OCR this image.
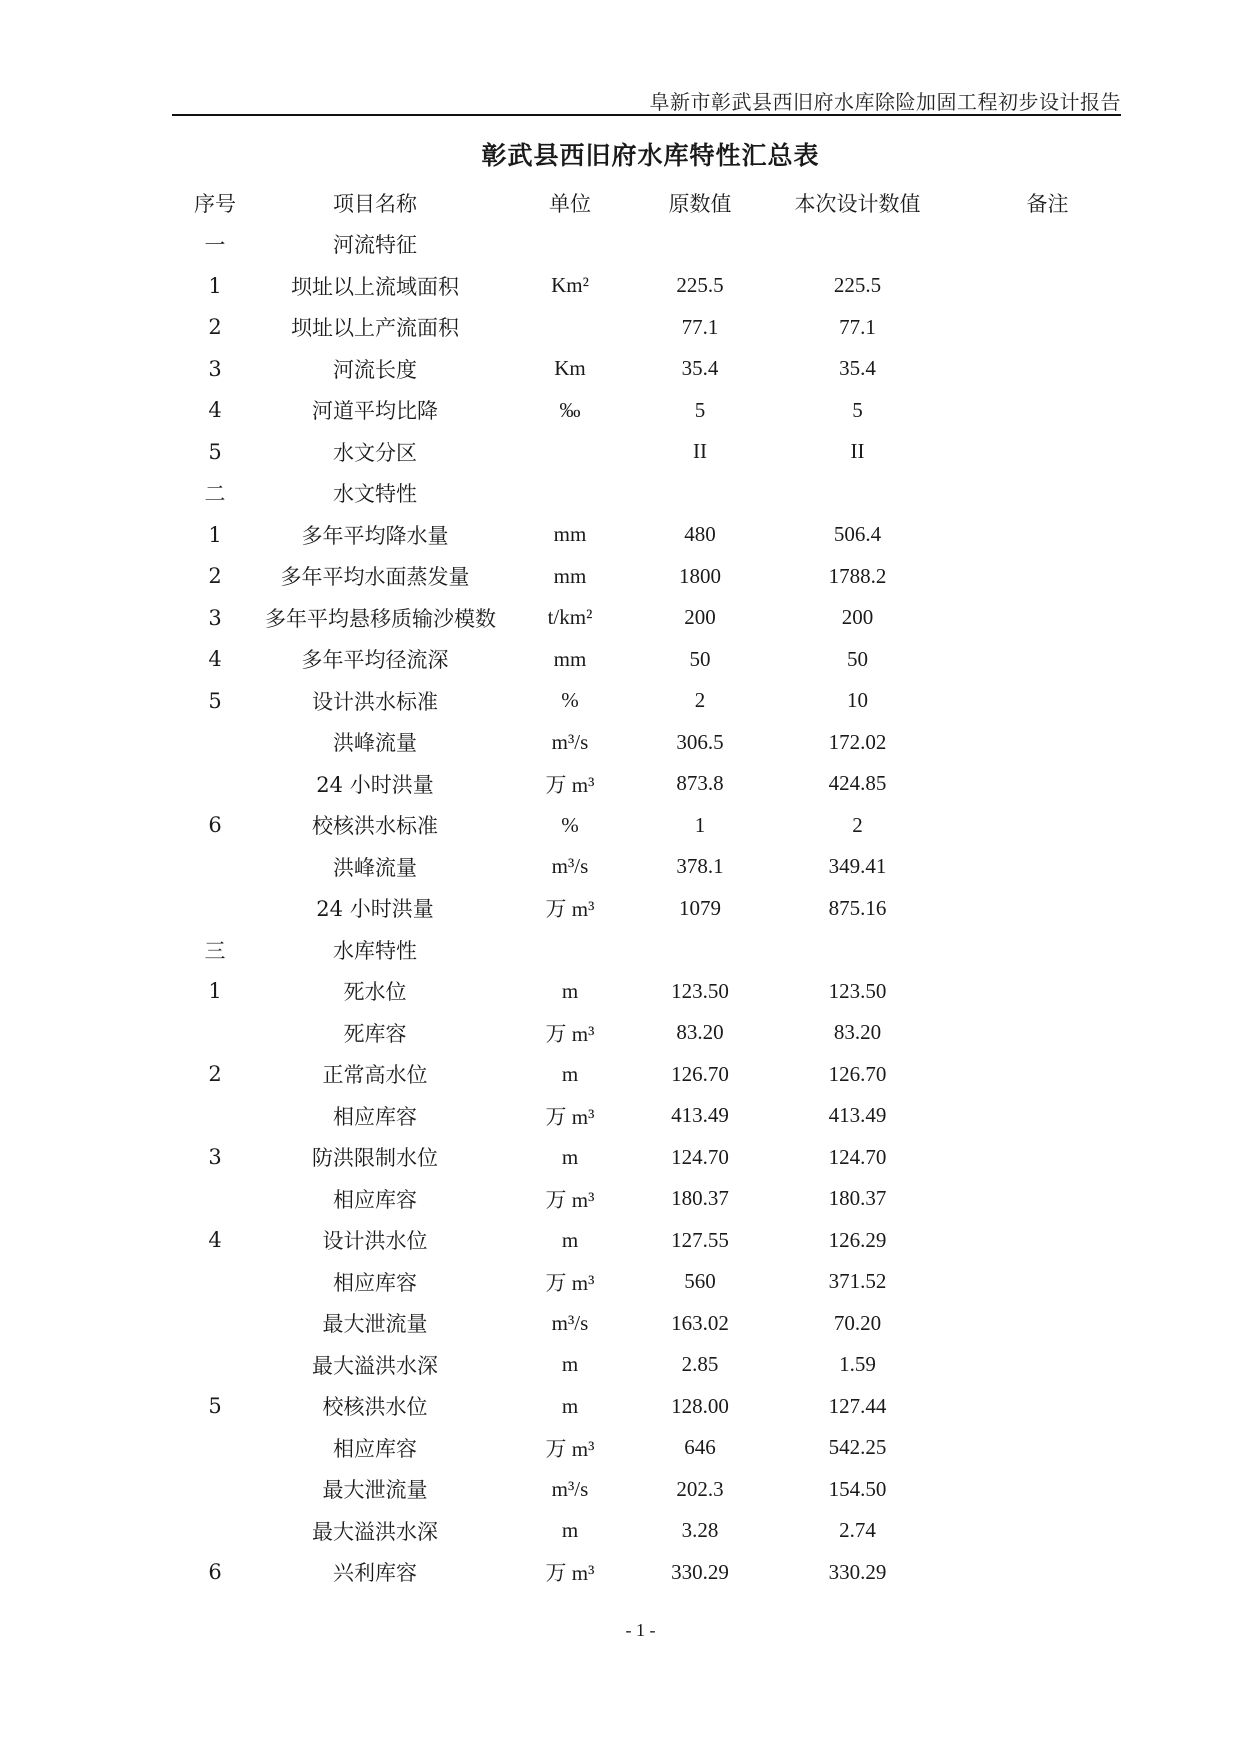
阜新市彰武县西旧府水库除险加固工程初步设计报告
彰武县西旧府水库特性汇总表
序号	项目名称	单位	原数值	本次设计数值	备注
一	河流特征				
1	坝址以上流域面积	Km²	225.5	225.5	
2	坝址以上产流面积		77.1	77.1	
3	河流长度	Km	35.4	35.4	
4	河道平均比降	‰	5	5	
5	水文分区		II	II	
二	水文特性				
1	多年平均降水量	mm	480	506.4	
2	多年平均水面蒸发量	mm	1800	1788.2	
3	多年平均悬移质输沙模数	t/km²	200	200	
4	多年平均径流深	mm	50	50	
5	设计洪水标准	%	2	10	
	洪峰流量	m³/s	306.5	172.02	
	24 小时洪量	万 m³	873.8	424.85	
6	校核洪水标准	%	1	2	
	洪峰流量	m³/s	378.1	349.41	
	24 小时洪量	万 m³	1079	875.16	
三	水库特性				
1	死水位	m	123.50	123.50	
	死库容	万 m³	83.20	83.20	
2	正常高水位	m	126.70	126.70	
	相应库容	万 m³	413.49	413.49	
3	防洪限制水位	m	124.70	124.70	
	相应库容	万 m³	180.37	180.37	
4	设计洪水位	m	127.55	126.29	
	相应库容	万 m³	560	371.52	
	最大泄流量	m³/s	163.02	70.20	
	最大溢洪水深	m	2.85	1.59	
5	校核洪水位	m	128.00	127.44	
	相应库容	万 m³	646	542.25	
	最大泄流量	m³/s	202.3	154.50	
	最大溢洪水深	m	3.28	2.74	
6	兴利库容	万 m³	330.29	330.29	
- 1 -
